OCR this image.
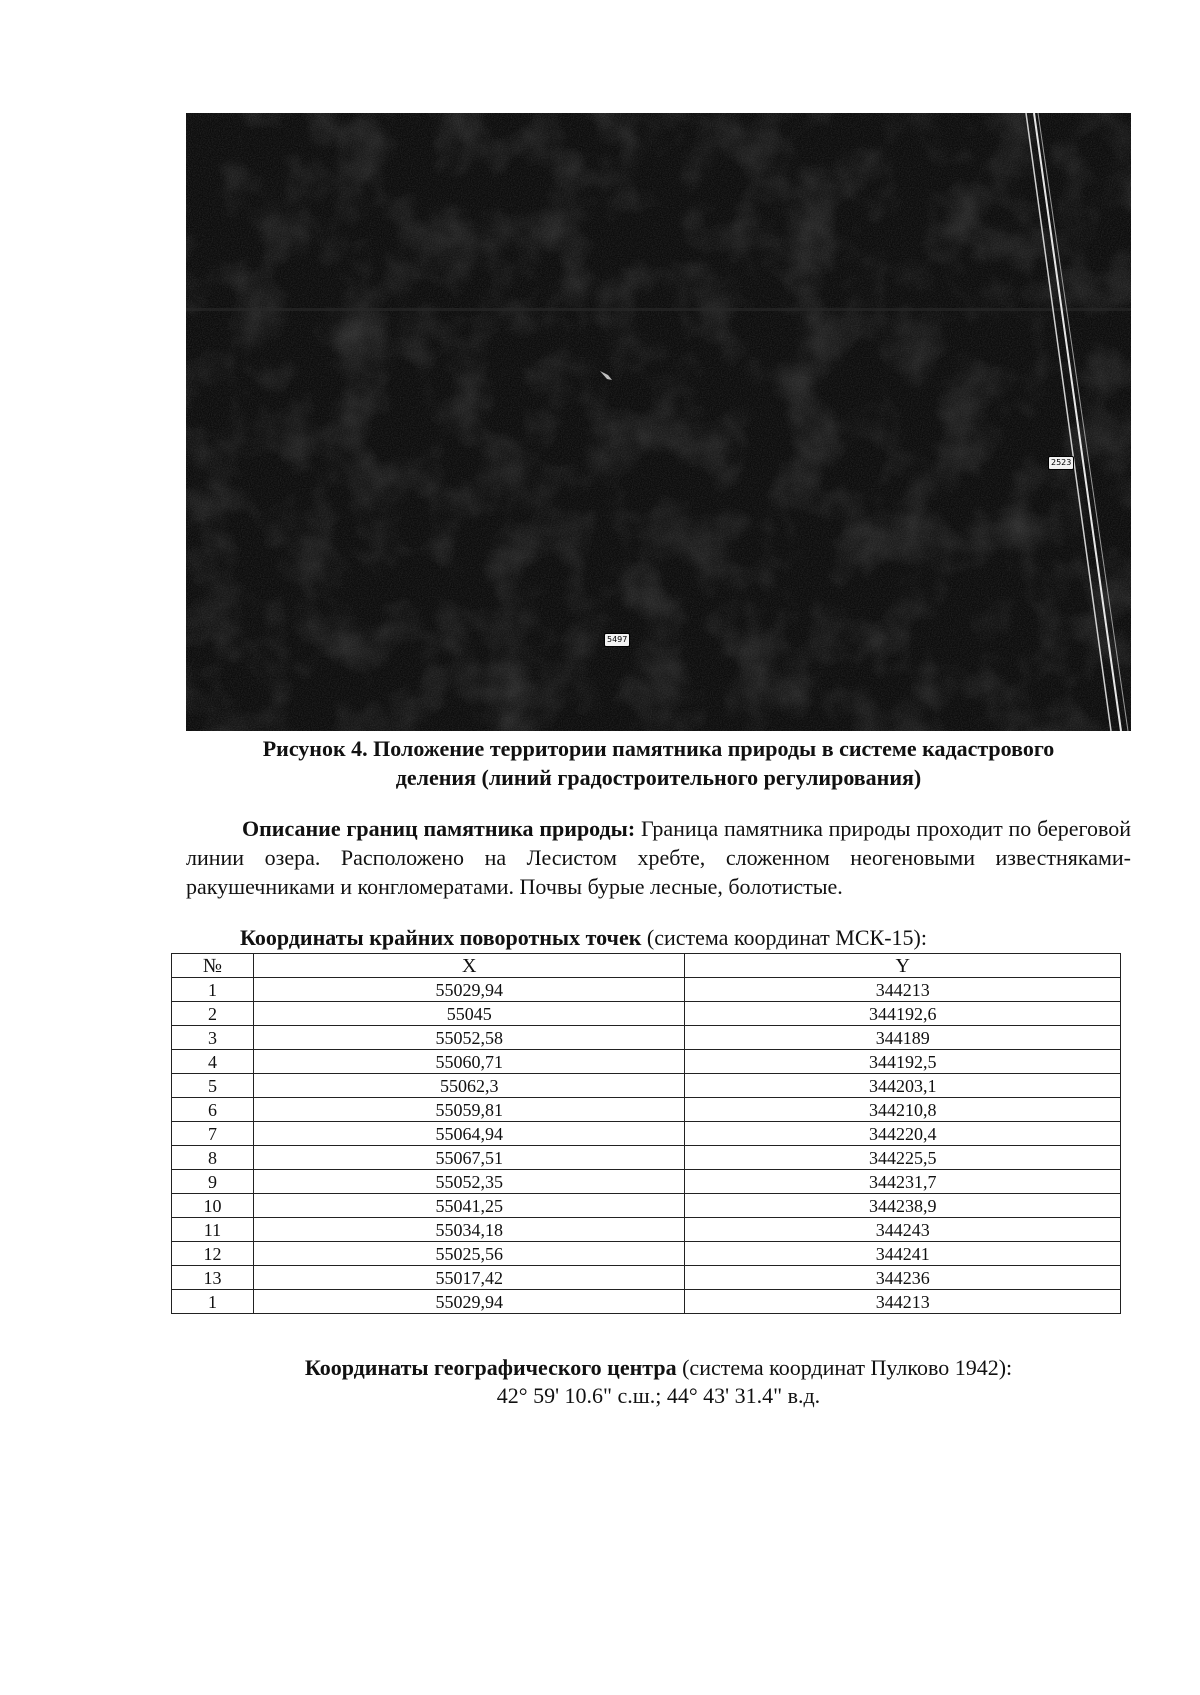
2523
5497
Рисунок 4. Положение территории памятника природы в системе кадастрового
деления (линий градостроительного регулирования)
Описание границ памятника природы: Граница памятника природы проходит по береговой линии озера. Расположено на Лесистом хребте, сложенном неогеновыми известняками-ракушечниками и конгломератами. Почвы бурые лесные, болотистые.
Координаты крайних поворотных точек (система координат МСК-15):
№	X	Y
1	55029,94	344213
2	55045	344192,6
3	55052,58	344189
4	55060,71	344192,5
5	55062,3	344203,1
6	55059,81	344210,8
7	55064,94	344220,4
8	55067,51	344225,5
9	55052,35	344231,7
10	55041,25	344238,9
11	55034,18	344243
12	55025,56	344241
13	55017,42	344236
1	55029,94	344213
Координаты географического центра (система координат Пулково 1942):
42° 59' 10.6" с.ш.; 44° 43' 31.4" в.д.
